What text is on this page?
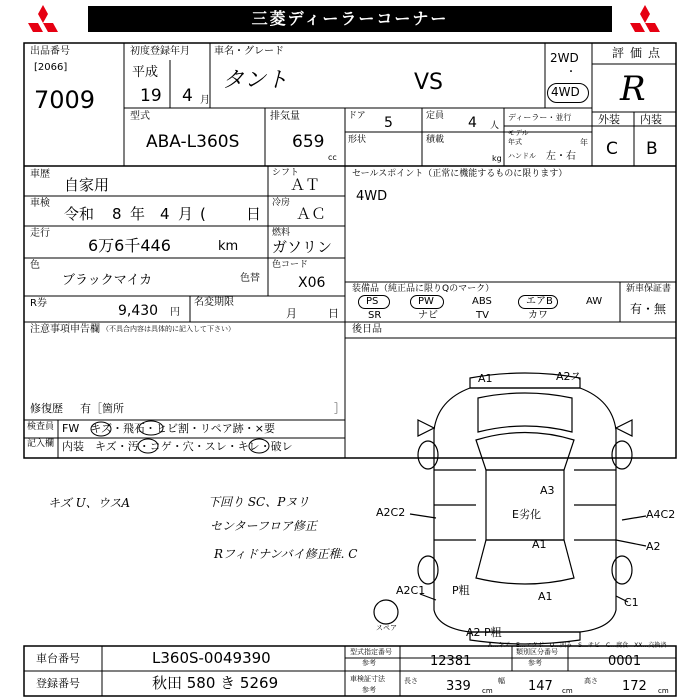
三菱ディーラーコーナー
出品番号
[2066]
7009
初度登録年月
平成
19 4 月
車名・グレード
タント	VS
2WD
・
4WD
評価点
R
外装 内装
C B
型式
ABA-L360S
排気量
659
cc
ドア 5	定員 4 人
ディーラー・並行
モデル
年式	年
形状	積載
kg ハンドル 左・右
車歴
自家用
シフト
ＡＴ
車検
令和 8 年 4 月 (	日
冷房
ＡＣ
走行
6万6千446	km
燃料
ガソリン
色
ブラックマイカ	色替
色コード
X06
R券	9,430 円
名変期限
月	日
セールスポイント（正常に機能するものに限ります）
4WD
装備品（純正品に限りQのマーク）
PS	PW	ABS	エアB	AW
SR	ナビ	TV	カワ
新車保証書
有・無
後日品
注意事項申告欄 （不具合内容は具体的に記入して下さい）
修復歴 有［箇所	］
検査員
記入欄
FW　キズ・飛石・ヒビ割・リペア跡・×要
内装　キズ・汚・コゲ・穴・スレ・キレ・破レ
キズ U、ウスA	下回り SC、Pヌリ
センターフロア修正
Rフィドナンバイ修正稚. C
A1	A2ス
A3
E劣化
A1
A2C2	A4C2
A2
A2C1 P粗	A1	C1
A2 P粗
スペア
A…キズ　E…エクボ　U…凹み　S…サビ　C…腐食　XX…交換済
車台番号	L360S-0049390
登録番号	秋田 580 き 5269
型式指定番号
参考	12381
類別区分番号
参考	0001
車検証寸法
参考
長さ 339 cm
幅 147 cm
高さ 172 cm
